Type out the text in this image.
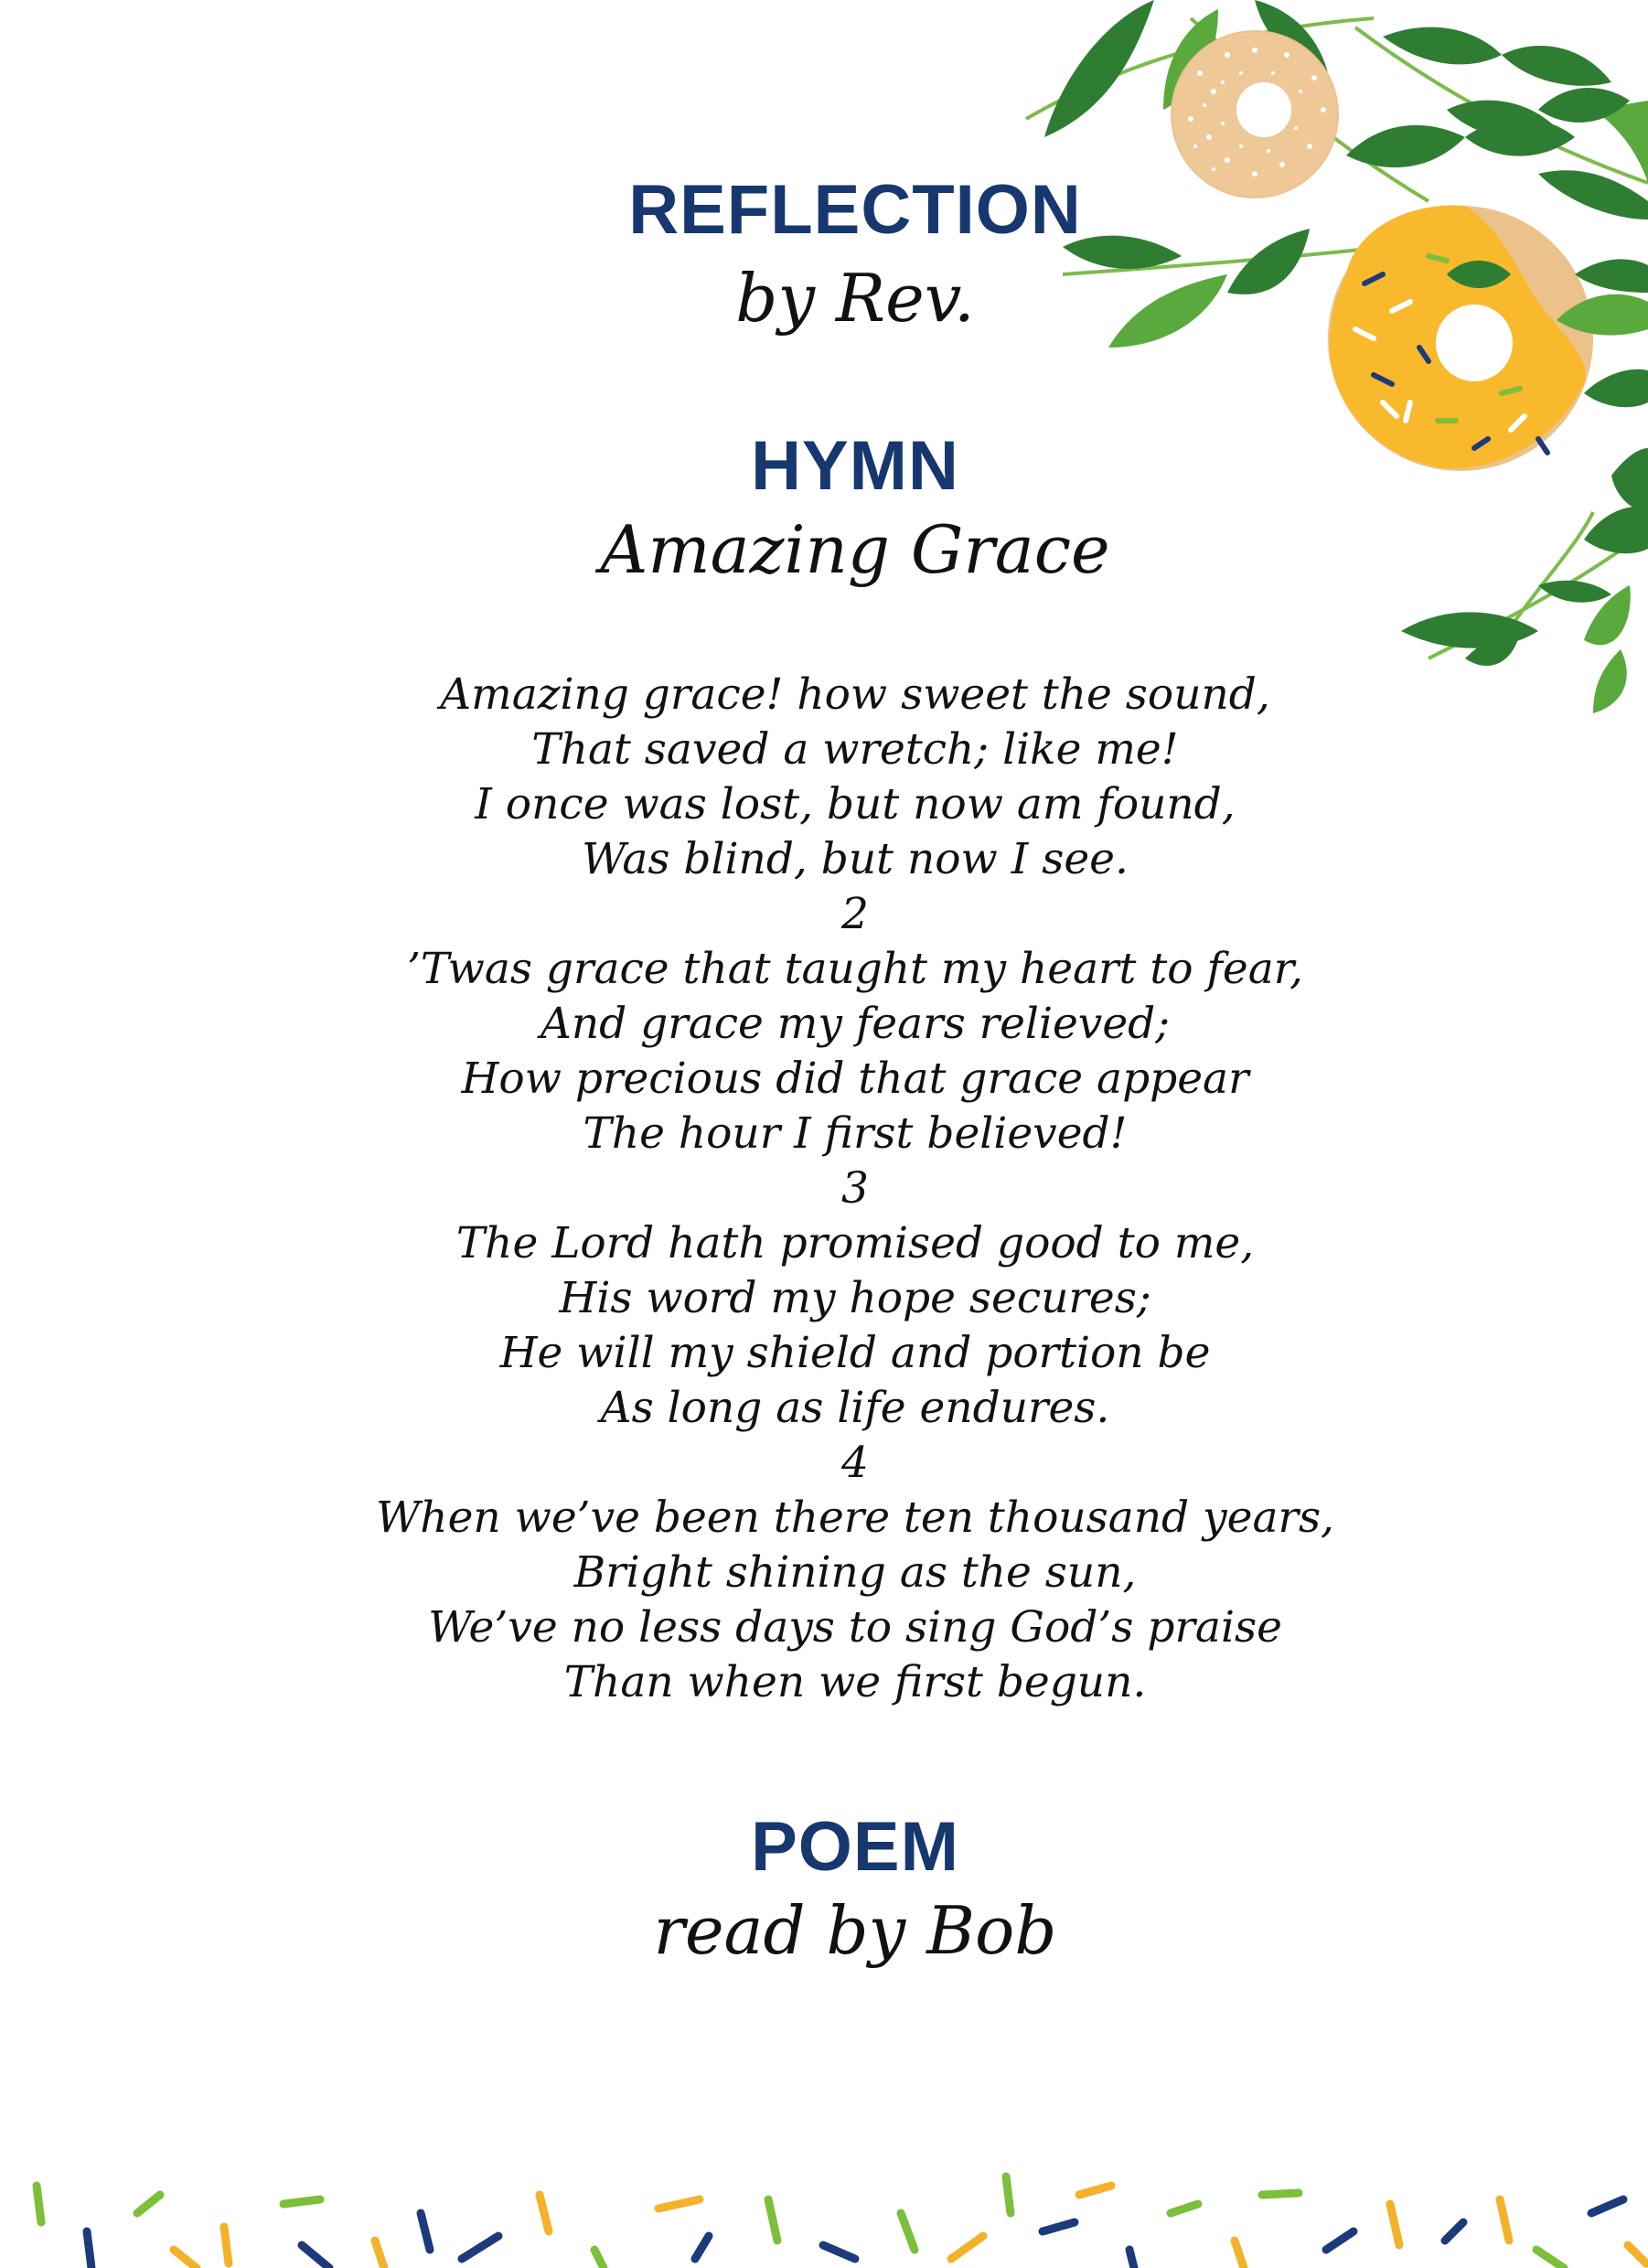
REFLECTION
by Rev.
HYMN
Amazing Grace
Amazing grace! how sweet the sound,
That saved a wretch; like me!
I once was lost, but now am found,
Was blind, but now I see.
2
’Twas grace that taught my heart to fear,
And grace my fears relieved;
How precious did that grace appear
The hour I first believed!
3
The Lord hath promised good to me,
His word my hope secures;
He will my shield and portion be
As long as life endures.
4
When we’ve been there ten thousand years,
Bright shining as the sun,
We’ve no less days to sing God’s praise
Than when we first begun.
POEM
read by Bob
